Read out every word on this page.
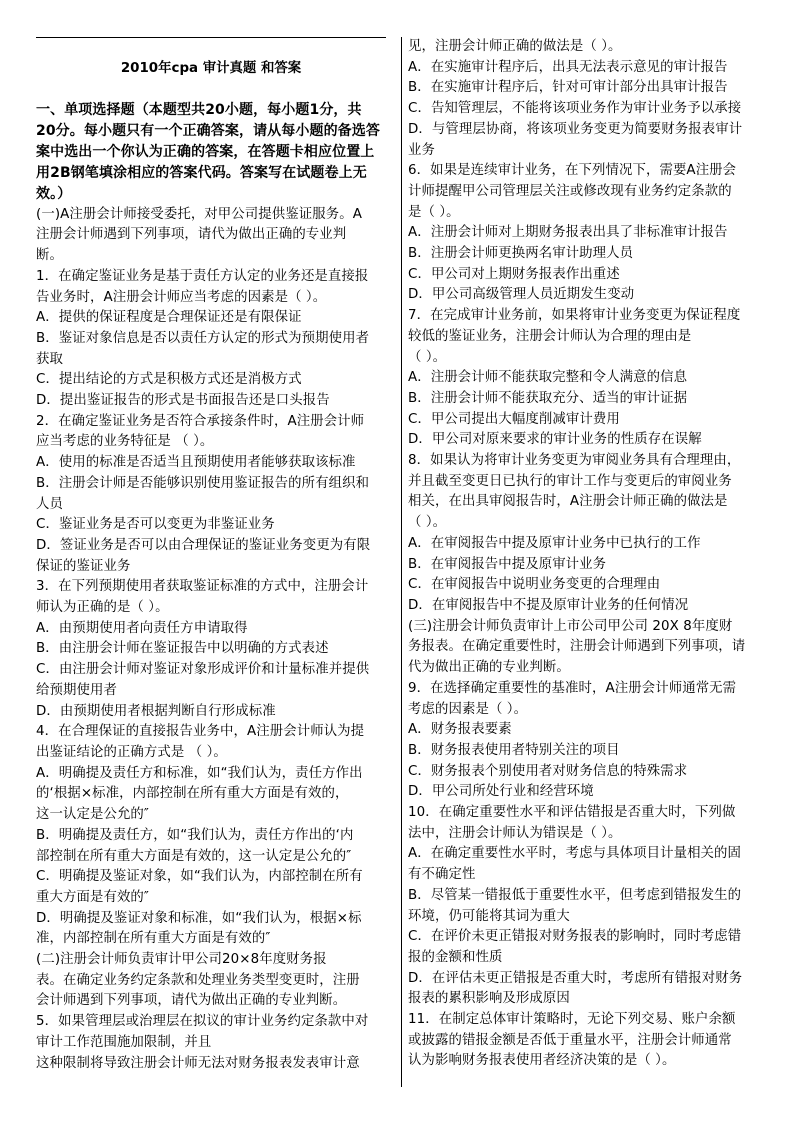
2010年cpa 审计真题 和答案
一、单项选择题（本题型共20小题，每小题1分，共
20分。每小题只有一个正确答案，请从每小题的备选答
案中选出一个你认为正确的答案，在答题卡相应位置上
用2B钢笔填涂相应的答案代码。答案写在试题卷上无
效。）
(一)A注册会计师接受委托，对甲公司提供鉴证服务。A
注册会计师遇到下列事项，请代为做出正确的专业判
断。
1．在确定鉴证业务是基于责任方认定的业务还是直接报
告业务时，A注册会计师应当考虑的因素是（ ）。
A．提供的保证程度是合理保证还是有限保证
B．鉴证对象信息是否以责任方认定的形式为预期使用者
获取
C．提出结论的方式是积极方式还是消极方式
D．提出鉴证报告的形式是书面报告还是口头报告
2．在确定鉴证业务是否符合承接条件时，A注册会计师
应当考虑的业务特征是 （ ）。
A．使用的标准是否适当且预期使用者能够获取该标准
B．注册会计师是否能够识别使用鉴证报告的所有组织和
人员
C．鉴证业务是否可以变更为非鉴证业务
D．签证业务是否可以由合理保证的鉴证业务变更为有限
保证的鉴证业务
3．在下列预期使用者获取鉴证标准的方式中，注册会计
师认为正确的是（ ）。
A．由预期使用者向责任方申请取得
B．由注册会计师在鉴证报告中以明确的方式表述
C．由注册会计师对鉴证对象形成评价和计量标准并提供
给预期使用者
D．由预期使用者根据判断自行形成标准
4．在合理保证的直接报告业务中，A注册会计师认为提
出鉴证结论的正确方式是 （ ）。
A．明确提及责任方和标准，如“我们认为，责任方作出
的‘根据×标准，内部控制在所有重大方面是有效的，
这一认定是公允的″
B．明确提及责任方，如“我们认为，责任方作出的‘内
部控制在所有重大方面是有效的，这一认定是公允的″
C．明确提及鉴证对象，如“我们认为，内部控制在所有
重大方面是有效的″
D．明确提及鉴证对象和标准，如“我们认为，根据×标
准，内部控制在所有重大方面是有效的″
(二)注册会计师负责审计甲公司20×8年度财务报
表。在确定业务约定条款和处理业务类型变更时，注册
会计师遇到下列事项，请代为做出正确的专业判断。
5．如果管理层或治理层在拟议的审计业务约定条款中对
审计工作范围施加限制，并且
这种限制将导致注册会计师无法对财务报表发表审计意
见，注册会计师正确的做法是（ ）。
A．在实施审计程序后，出具无法表示意见的审计报告
B．在实施审计程序后，针对可审计部分出具审计报告
C．告知管理层，不能将该项业务作为审计业务予以承接
D．与管理层协商，将该项业务变更为简要财务报表审计
业务
6．如果是连续审计业务，在下列情况下，需要A注册会
计师提醒甲公司管理层关注或修改现有业务约定条款的
是（ ）。
A．注册会计师对上期财务报表出具了非标准审计报告
B．注册会计师更换两名审计助理人员
C．甲公司对上期财务报表作出重述
D．甲公司高级管理人员近期发生变动
7．在完成审计业务前，如果将审计业务变更为保证程度
较低的鉴证业务，注册会计师认为合理的理由是
（ ）。
A．注册会计师不能获取完整和令人满意的信息
B．注册会计师不能获取充分、适当的审计证据
C．甲公司提出大幅度削减审计费用
D．甲公司对原来要求的审计业务的性质存在误解
8．如果认为将审计业务变更为审阅业务具有合理理由，
并且截至变更日已执行的审计工作与变更后的审阅业务
相关，在出具审阅报告时，A注册会计师正确的做法是
（ ）。
A．在审阅报告中提及原审计业务中已执行的工作
B．在审阅报告中提及原审计业务
C．在审阅报告中说明业务变更的合理理由
D．在审阅报告中不提及原审计业务的任何情况
(三)注册会计师负责审计上市公司甲公司 20X 8年度财
务报表。在确定重要性时，注册会计师遇到下列事项，请
代为做出正确的专业判断。
9．在选择确定重要性的基准时，A注册会计师通常无需
考虑的因素是（ ）。
A．财务报表要素
B．财务报表使用者特别关注的项目
C．财务报表个别使用者对财务信息的特殊需求
D．甲公司所处行业和经营环境
10．在确定重要性水平和评估错报是否重大时，下列做
法中，注册会计师认为错误是（ ）。
A．在确定重要性水平时，考虑与具体项目计量相关的固
有不确定性
B．尽管某一错报低于重要性水平，但考虑到错报发生的
环境，仍可能将其词为重大
C．在评价未更正错报对财务报表的影响时，同时考虑错
报的金额和性质
D．在评估未更正错报是否重大时，考虑所有错报对财务
报表的累积影响及形成原因
11．在制定总体审计策略时，无论下列交易、账户余额
或披露的错报金额是否低于重量水平，注册会计师通常
认为影响财务报表使用者经济决策的是（ ）。
